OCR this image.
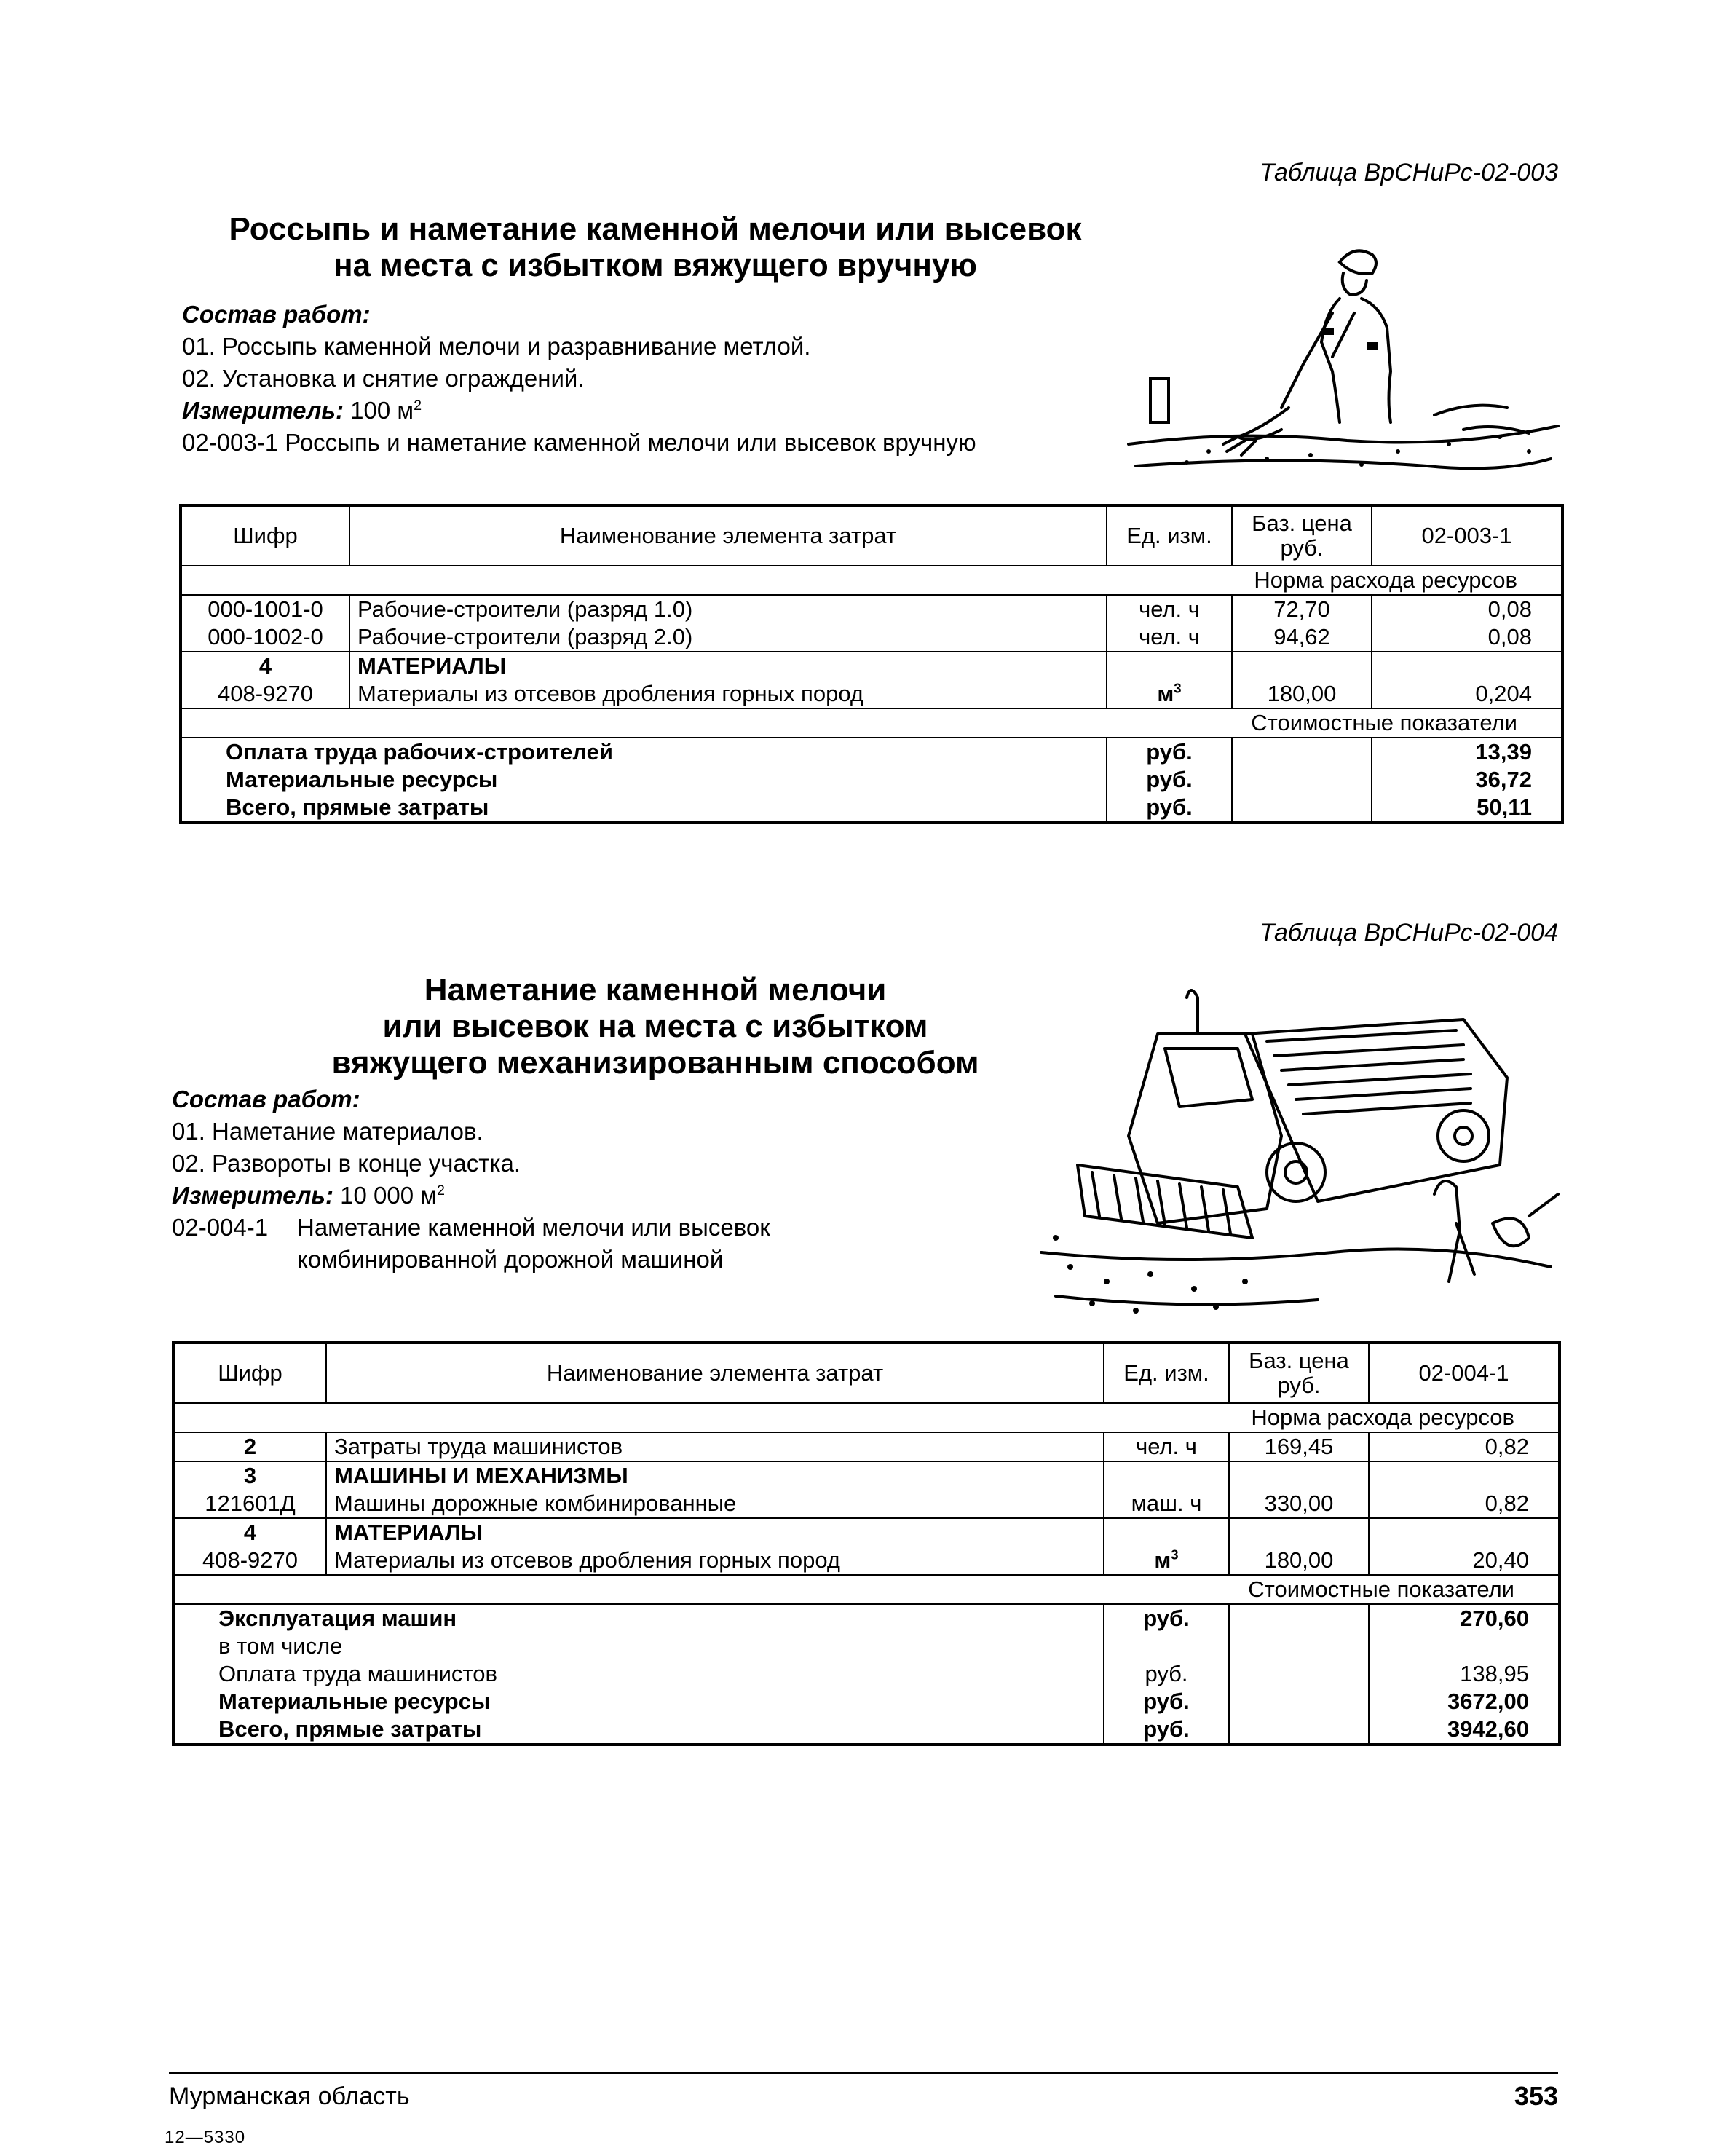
Таблица ВрСНиРс-02-003
Россыпь и наметание каменной мелочи или высевок
на места с избытком вяжущего вручную
Состав работ:
01. Россыпь каменной мелочи и разравнивание метлой.
02. Установка и снятие ограждений.
Измеритель: 100 $м^2$
02-003-1 Россыпь и наметание каменной мелочи или высевок вручную
Шифр	Наименование элемента затрат	Ед. изм.	Баз. цена руб.	02-003-1
Норма расхода ресурсов				
000-1001-0	Рабочие-строители (разряд 1.0)	чел. ч	72,70	0,08
000-1002-0	Рабочие-строители (разряд 2.0)	чел. ч	94,62	0,08
4	МАТЕРИАЛЫ			
408-9270	Материалы из отсевов дробления горных пород	$м^3$	180,00	0,204
Стоимостные показатели				
Оплата труда рабочих-строителей		руб.		13,39
Материальные ресурсы		руб.		36,72
Всего, прямые затраты		руб.		50,11
Таблица ВрСНиРс-02-004
Наметание каменной мелочи
или высевок на места с избытком
вяжущего механизированным способом
Состав работ:
01. Наметание материалов.
02. Развороты в конце участка.
Измеритель: 10 000 $м^2$
02-004-1 Наметание каменной мелочи или высевок
комбинированной дорожной машиной
Шифр	Наименование элемента затрат	Ед. изм.	Баз. цена руб.	02-004-1
Норма расхода ресурсов				
2	Затраты труда машинистов	чел. ч	169,45	0,82
3	МАШИНЫ И МЕХАНИЗМЫ			
121601Д	Машины дорожные комбинированные	маш. ч	330,00	0,82
4	МАТЕРИАЛЫ			
408-9270	Материалы из отсевов дробления горных пород	$м^3$	180,00	20,40
Стоимостные показатели				
Эксплуатация машин		руб.		270,60
в том числе				
Оплата труда машинистов		руб.		138,95
Материальные ресурсы		руб.		3672,00
Всего, прямые затраты		руб.		3942,60
Мурманская область	353
12—5330
